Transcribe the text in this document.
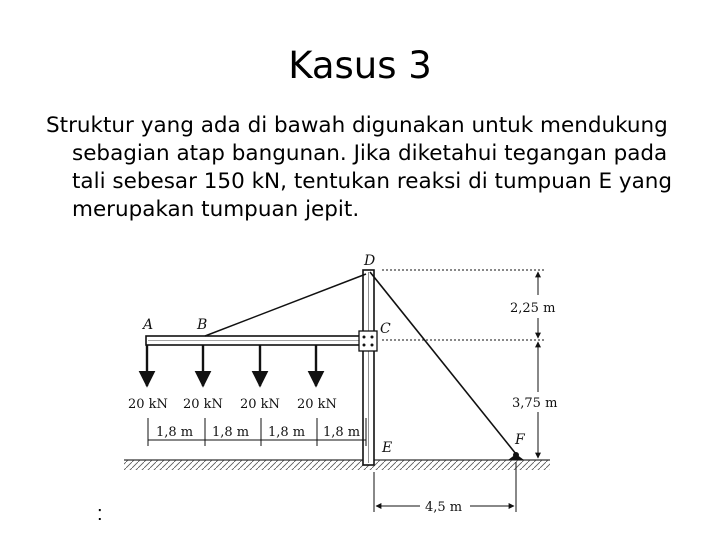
Kasus 3
Struktur yang ada di bawah digunakan untuk mendukung
sebagian atap bangunan. Jika diketahui tegangan pada
tali sebesar 150 kN, tentukan reaksi di tumpuan E yang
merupakan tumpuan jepit.
20 kN 20 kN 20 kN 20 kN
1,8 m 1,8 m 1,8 m 1,8 m
2,25 m
3,75 m
4,5 m
A	B	C
D
E	F
:
